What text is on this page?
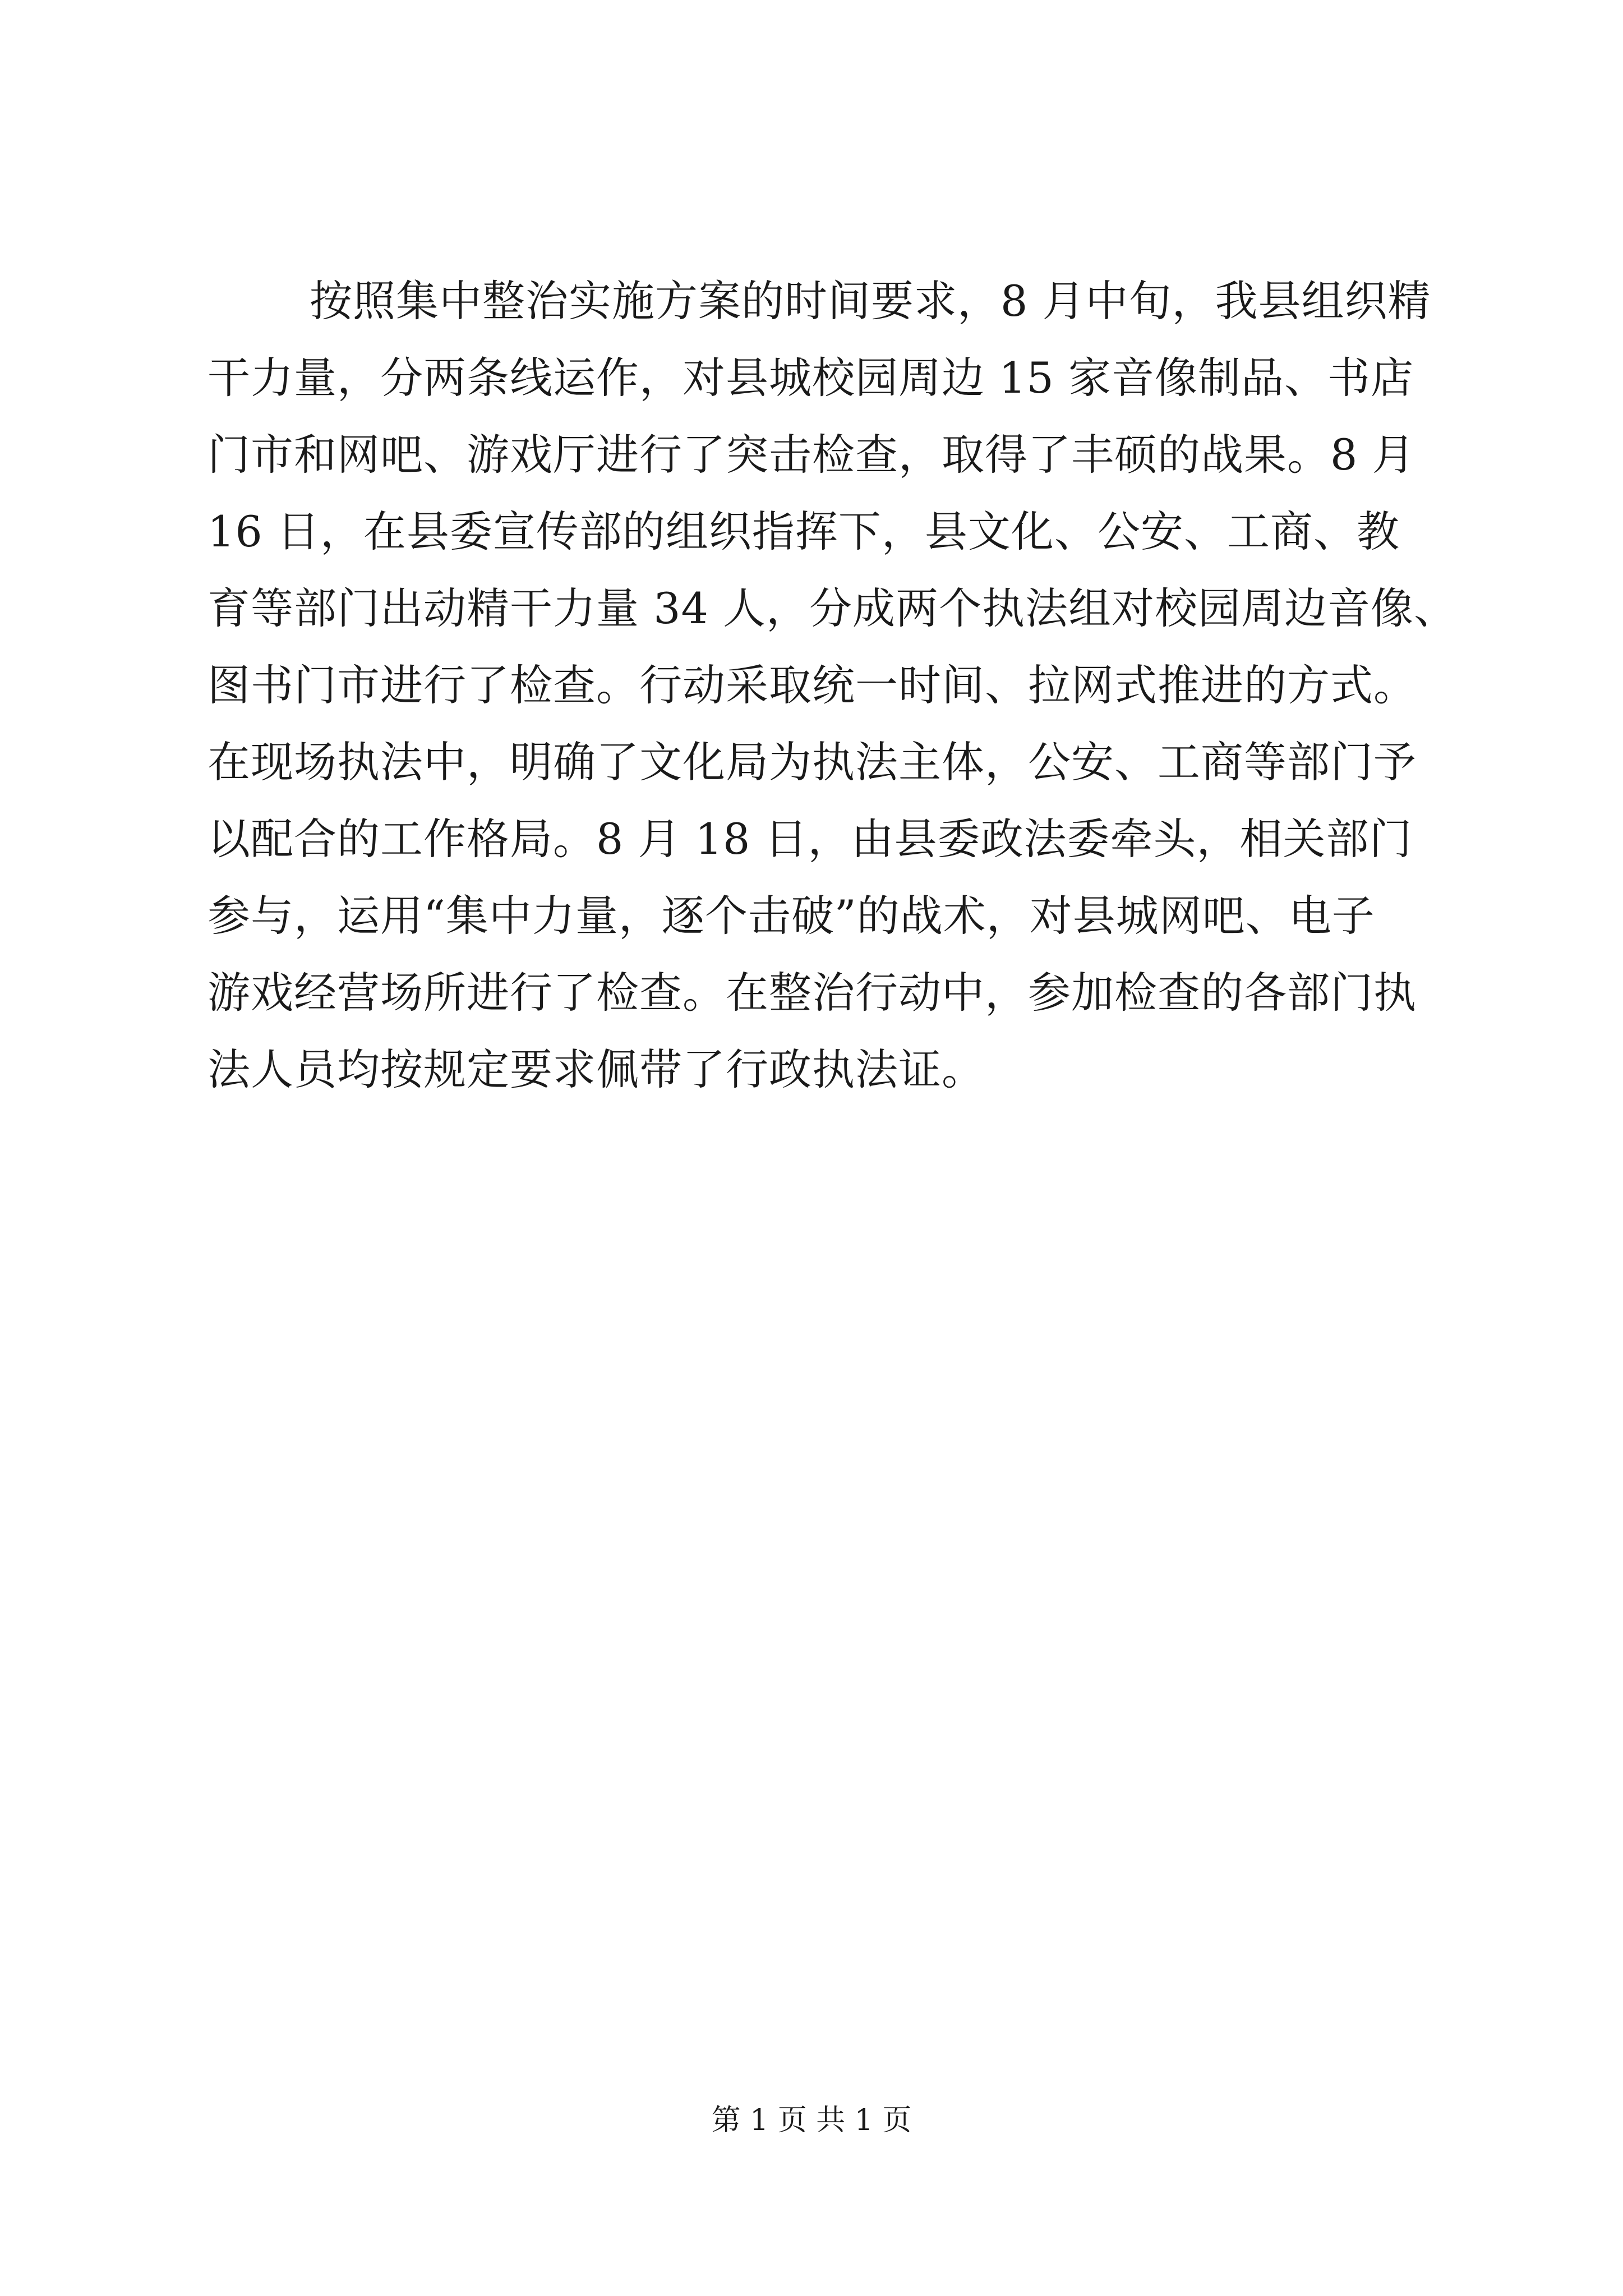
按照集中整治实施方案的时间要求，8 月中旬，我县组织精
干力量，分两条线运作，对县城校园周边 15 家音像制品、书店
门市和网吧、游戏厅进行了突击检查，取得了丰硕的战果。8 月
16 日，在县委宣传部的组织指挥下，县文化、公安、工商、教
育等部门出动精干力量 34 人，分成两个执法组对校园周边音像、
图书门市进行了检查。行动采取统一时间、拉网式推进的方式。
在现场执法中，明确了文化局为执法主体，公安、工商等部门予
以配合的工作格局。8 月 18 日，由县委政法委牵头，相关部门
参与，运用“集中力量，逐个击破”的战术，对县城网吧、电子
游戏经营场所进行了检查。在整治行动中，参加检查的各部门执
法人员均按规定要求佩带了行政执法证。
第 1 页 共 1 页
